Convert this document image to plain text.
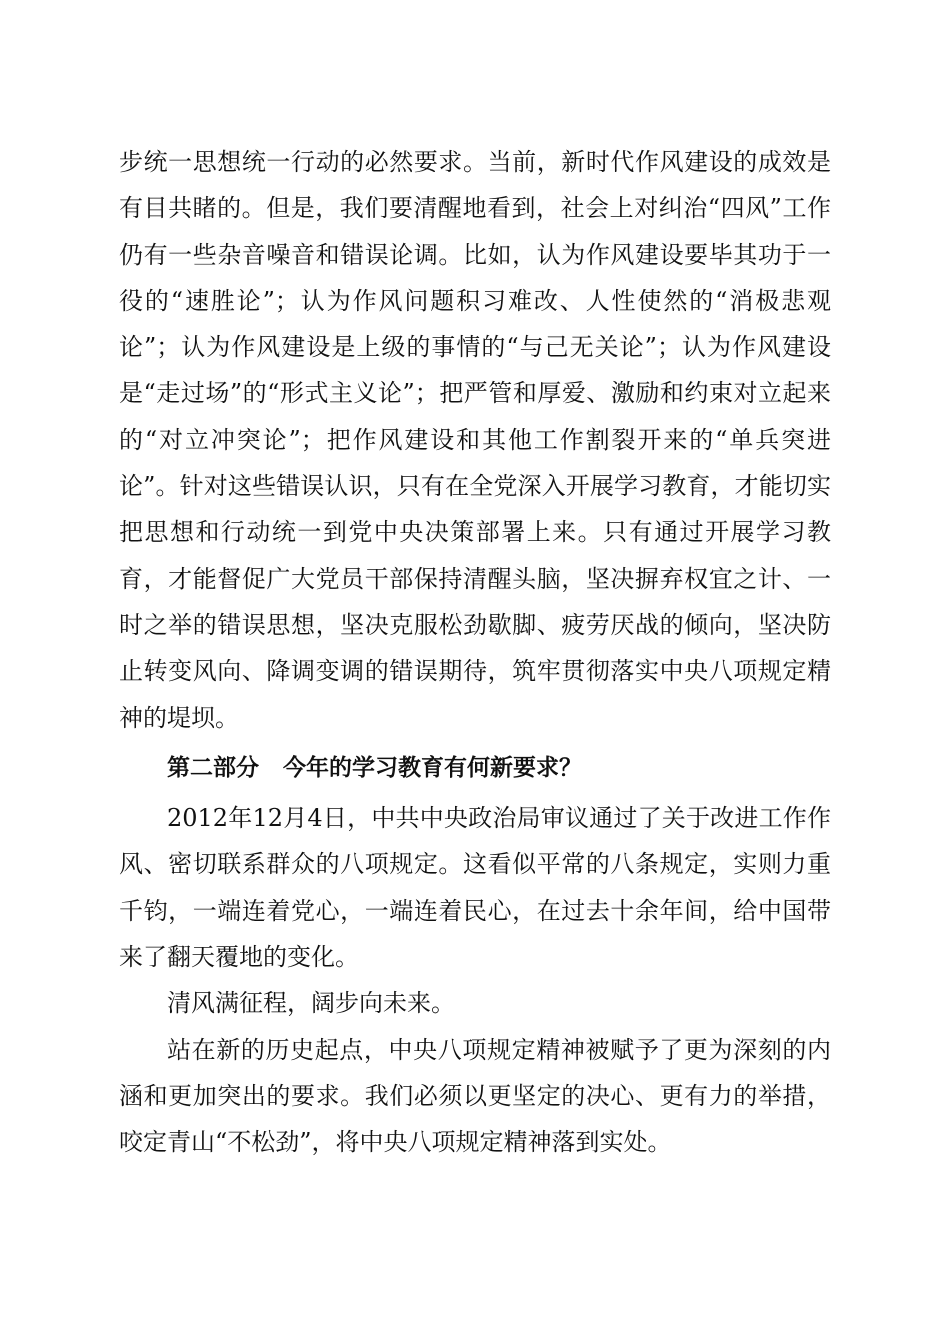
步统一思想统一行动的必然要求。当前，新时代作风建设的成效是有目共睹的。但是，我们要清醒地看到，社会上对纠治“四风”工作仍有一些杂音噪音和错误论调。比如，认为作风建设要毕其功于一役的“速胜论”；认为作风问题积习难改、人性使然的“消极悲观论”；认为作风建设是上级的事情的“与己无关论”；认为作风建设是“走过场”的“形式主义论”；把严管和厚爱、激励和约束对立起来的“对立冲突论”；把作风建设和其他工作割裂开来的“单兵突进论”。针对这些错误认识，只有在全党深入开展学习教育，才能切实把思想和行动统一到党中央决策部署上来。只有通过开展学习教育，才能督促广大党员干部保持清醒头脑，坚决摒弃权宜之计、一时之举的错误思想，坚决克服松劲歇脚、疲劳厌战的倾向，坚决防止转变风向、降调变调的错误期待，筑牢贯彻落实中央八项规定精神的堤坝。

第二部分 今年的学习教育有何新要求？

2012年12月4日，中共中央政治局审议通过了关于改进工作作风、密切联系群众的八项规定。这看似平常的八条规定，实则力重千钧，一端连着党心，一端连着民心，在过去十余年间，给中国带来了翻天覆地的变化。

清风满征程，阔步向未来。

站在新的历史起点，中央八项规定精神被赋予了更为深刻的内涵和更加突出的要求。我们必须以更坚定的决心、更有力的举措，咬定青山“不松劲”，将中央八项规定精神落到实处。
